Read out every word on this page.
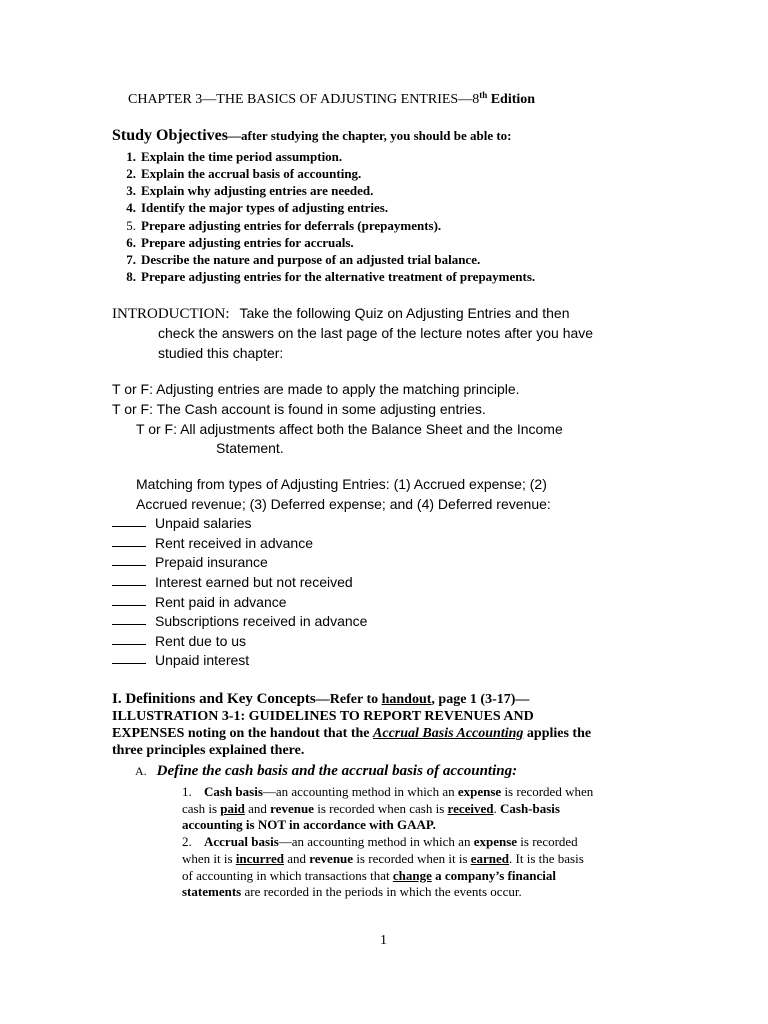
CHAPTER 3—THE BASICS OF ADJUSTING ENTRIES—8th Edition
Study Objectives—after studying the chapter, you should be able to:
1. Explain the time period assumption.
2. Explain the accrual basis of accounting.
3. Explain why adjusting entries are needed.
4. Identify the major types of adjusting entries.
5. Prepare adjusting entries for deferrals (prepayments).
6. Prepare adjusting entries for accruals.
7. Describe the nature and purpose of an adjusted trial balance.
8. Prepare adjusting entries for the alternative treatment of prepayments.
INTRODUCTION: Take the following Quiz on Adjusting Entries and then
check the answers on the last page of the lecture notes after you have
studied this chapter:
T or F: Adjusting entries are made to apply the matching principle.
T or F: The Cash account is found in some adjusting entries.
T or F: All adjustments affect both the Balance Sheet and the Income
Statement.
Matching from types of Adjusting Entries: (1) Accrued expense; (2)
Accrued revenue; (3) Deferred expense; and (4) Deferred revenue:
Unpaid salaries
Rent received in advance
Prepaid insurance
Interest earned but not received
Rent paid in advance
Subscriptions received in advance
Rent due to us
Unpaid interest
I. Definitions and Key Concepts—Refer to handout, page 1 (3-17)—
ILLUSTRATION 3-1: GUIDELINES TO REPORT REVENUES AND
EXPENSES noting on the handout that the Accrual Basis Accounting applies the
three principles explained there.
A. Define the cash basis and the accrual basis of accounting:
1. Cash basis—an accounting method in which an expense is recorded when
cash is paid and revenue is recorded when cash is received. Cash-basis
accounting is NOT in accordance with GAAP.
2. Accrual basis—an accounting method in which an expense is recorded
when it is incurred and revenue is recorded when it is earned. It is the basis
of accounting in which transactions that change a company’s financial
statements are recorded in the periods in which the events occur.
1
